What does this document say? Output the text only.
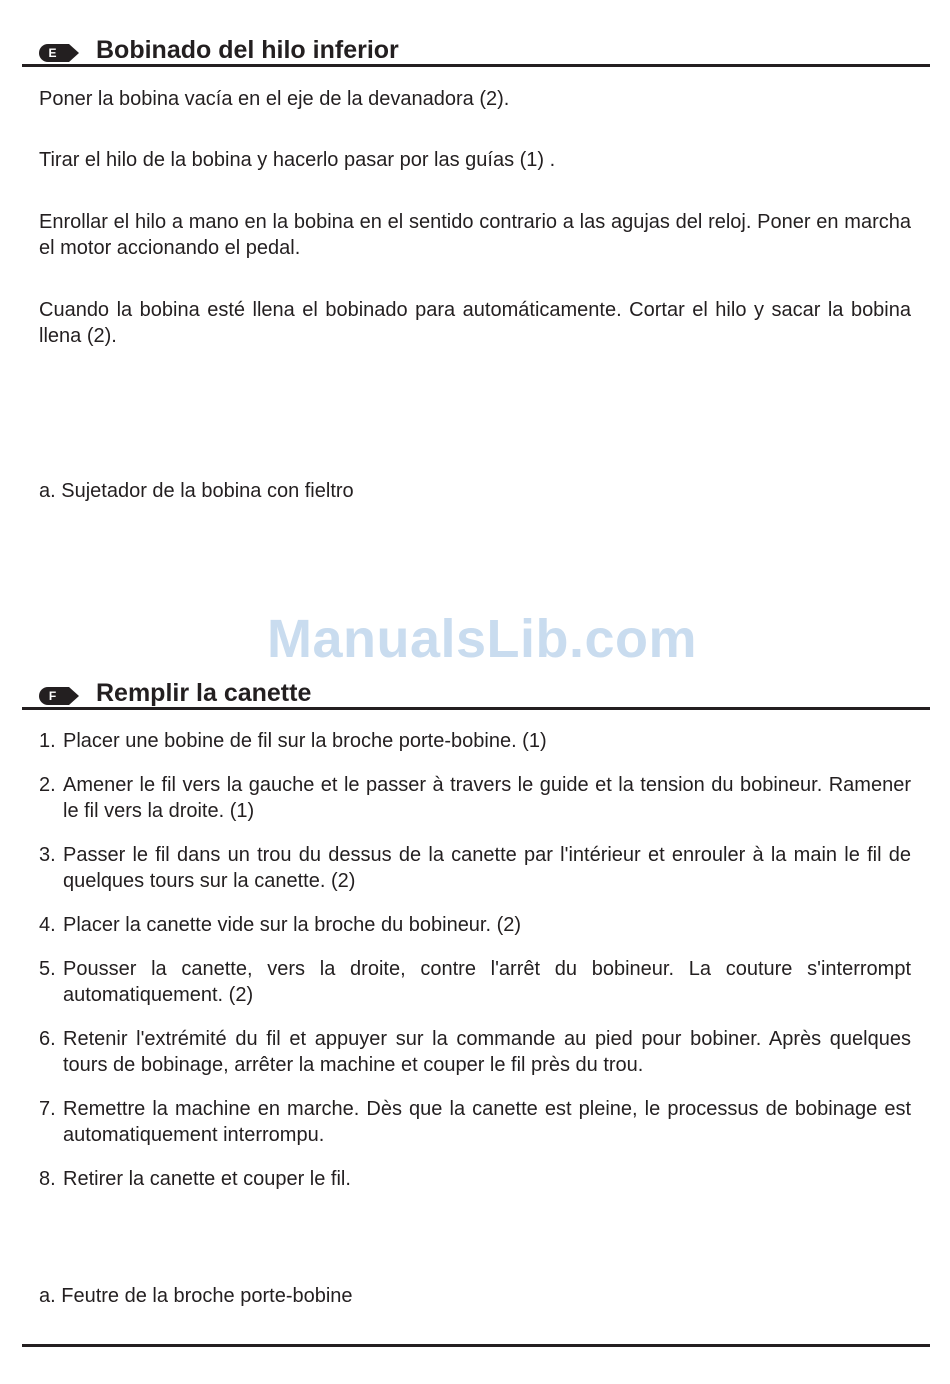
E	Bobinado del hilo inferior

Poner la bobina vacía en el eje de la devanadora (2).

Tirar el hilo de la bobina y hacerlo pasar por las guías (1) .

Enrollar el hilo a mano en la bobina en el sentido contrario a las agujas del reloj. Poner en marcha el motor accionando el pedal.

Cuando la bobina esté llena el bobinado para automáticamente. Cortar el hilo y sacar la bobina llena (2).

a. Sujetador de la bobina con fieltro

ManualsLib.com
F	Remplir la canette
1. Placer une bobine de fil sur la broche porte-bobine. (1)
2. Amener le fil vers la gauche et le passer à travers le guide et la tension du bobineur. Ramener le fil vers la droite. (1)
3. Passer le fil dans un trou du dessus de la canette par l'intérieur et enrouler à la main le fil de quelques tours sur la canette. (2)
4. Placer la canette vide sur la broche du bobineur. (2)
5. Pousser la canette, vers la droite, contre l'arrêt du bobineur. La couture s'interrompt automatiquement. (2)
6. Retenir l'extrémité du fil et appuyer sur la commande au pied pour bobiner. Après quelques tours de bobinage, arrêter la machine et couper le fil près du trou.
7. Remettre la machine en marche. Dès que la canette est pleine, le processus de bobinage est automatiquement interrompu.
8. Retirer la canette et couper le fil.

a. Feutre de la broche porte-bobine
